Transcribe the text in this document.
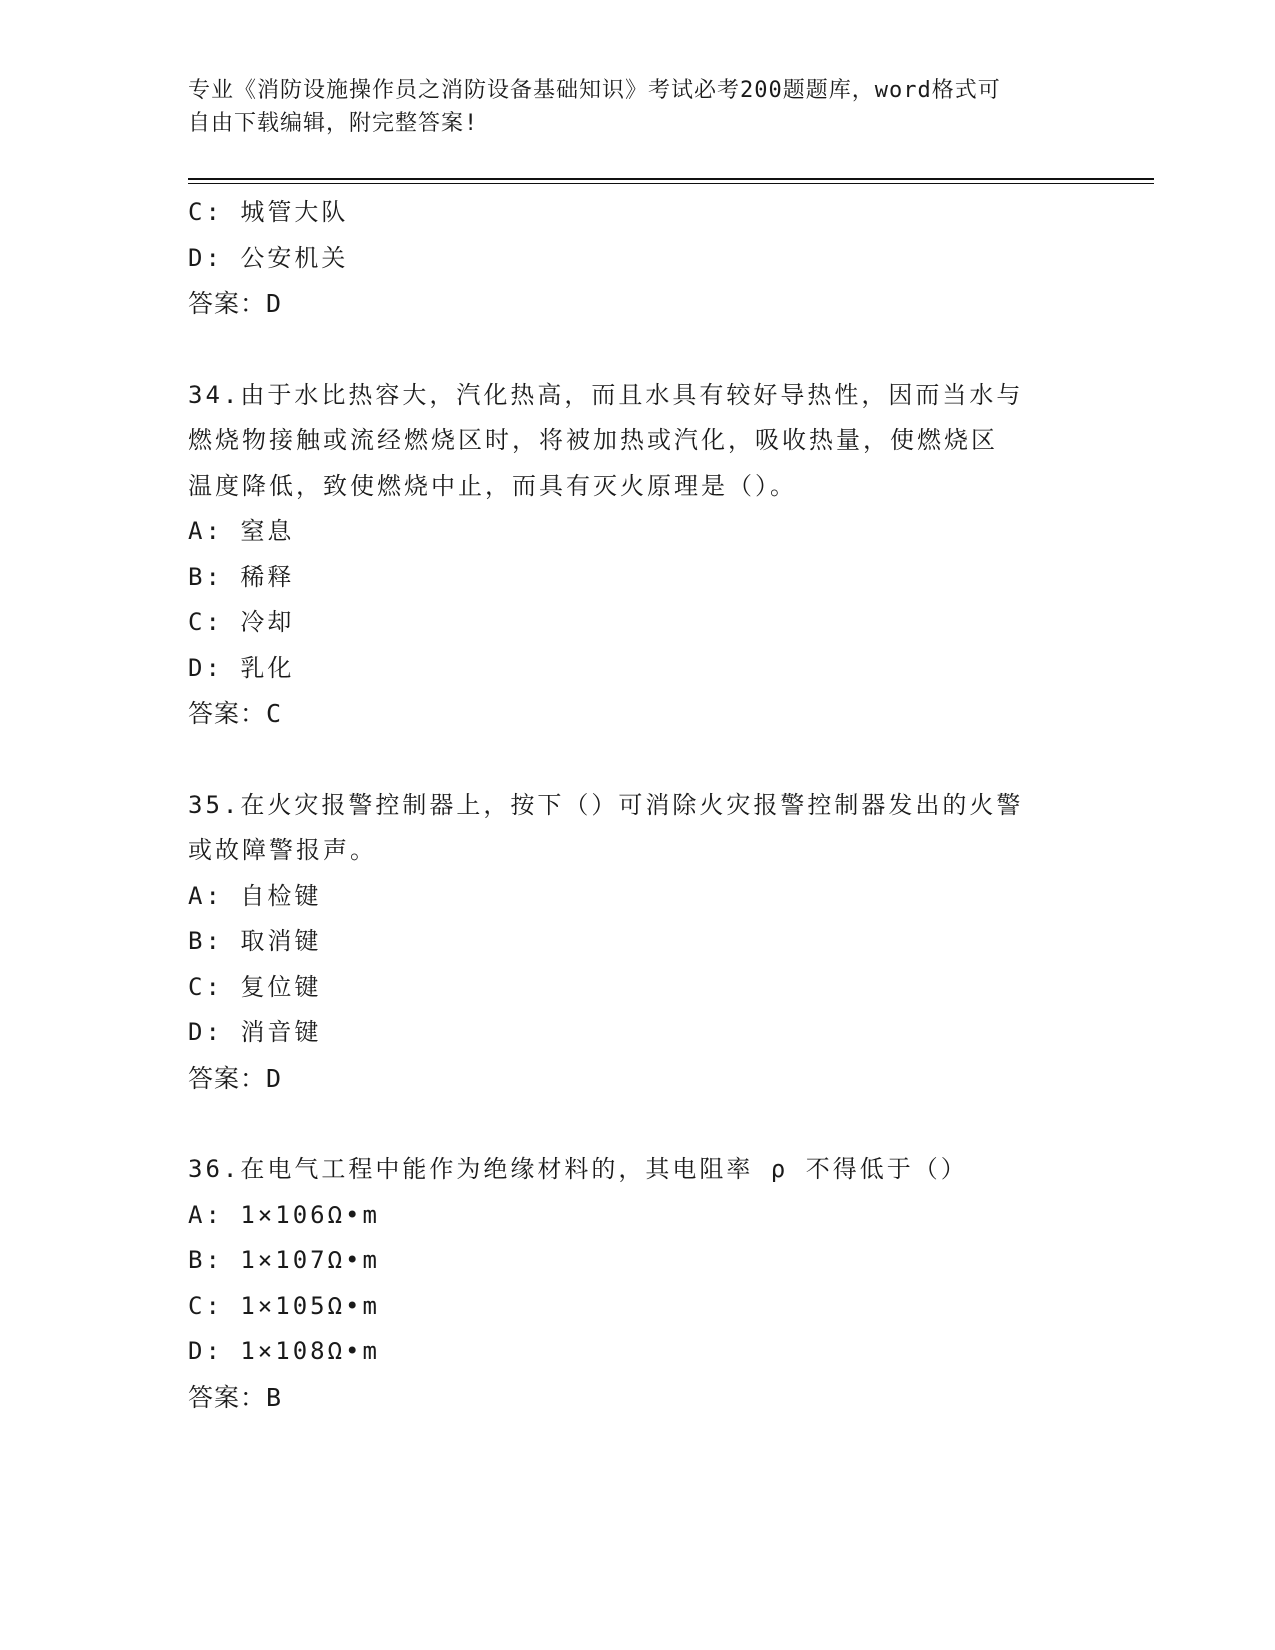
专业《消防设施操作员之消防设备基础知识》考试必考200题题库，word格式可
自由下载编辑，附完整答案!
C: 城管大队
D: 公安机关
答案：D
34.由于水比热容大，汽化热高，而且水具有较好导热性，因而当水与
燃烧物接触或流经燃烧区时，将被加热或汽化，吸收热量，使燃烧区
温度降低，致使燃烧中止，而具有灭火原理是（）。
A: 窒息
B: 稀释
C: 冷却
D: 乳化
答案：C
35.在火灾报警控制器上，按下（）可消除火灾报警控制器发出的火警
或故障警报声。
A: 自检键
B: 取消键
C: 复位键
D: 消音键
答案：D
36.在电气工程中能作为绝缘材料的，其电阻率 ρ 不得低于（）
A: 1×106Ω•m
B: 1×107Ω•m
C: 1×105Ω•m
D: 1×108Ω•m
答案：B
